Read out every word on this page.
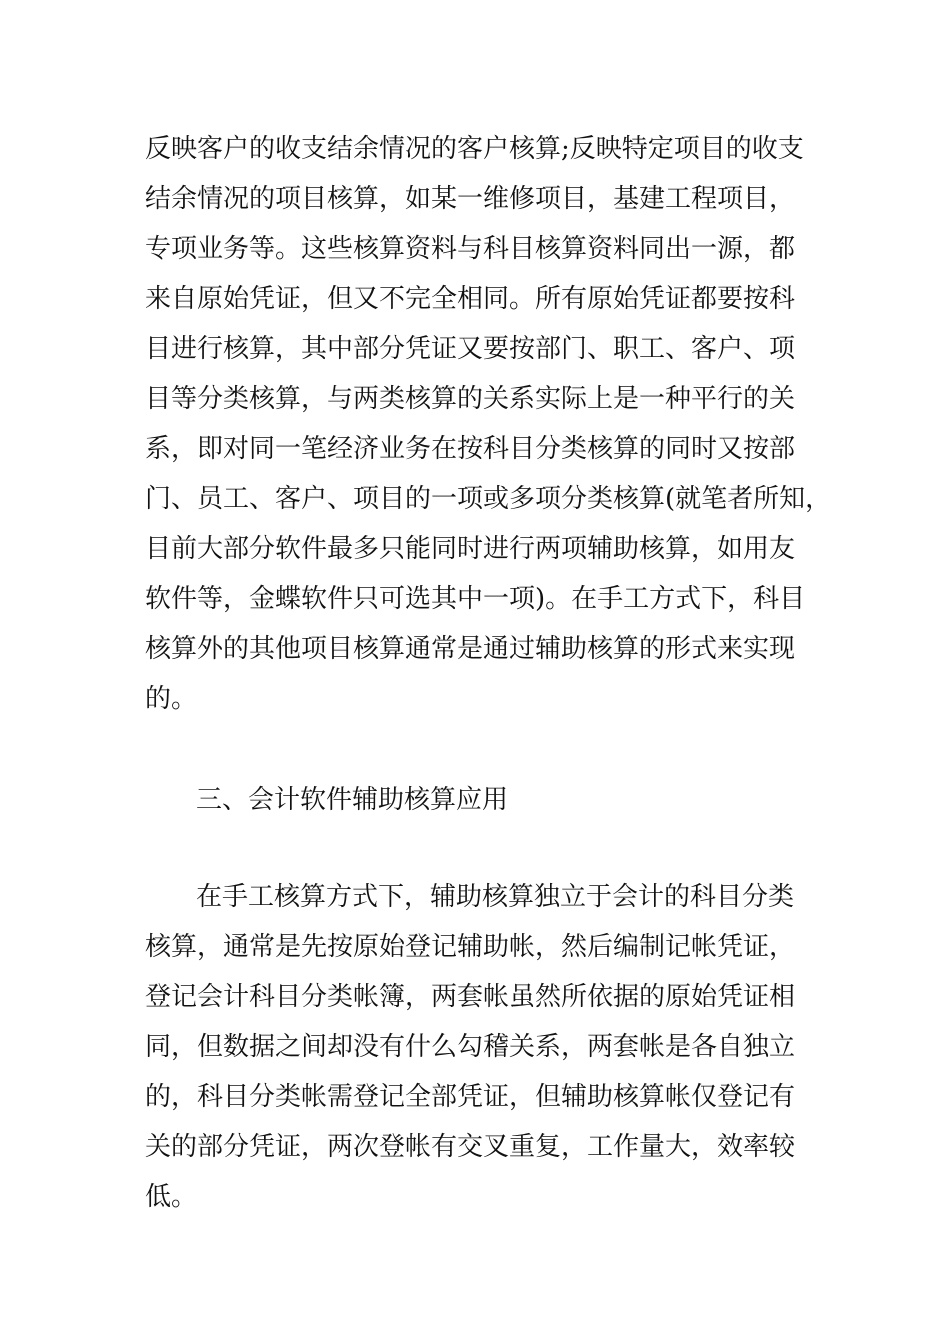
反映客户的收支结余情况的客户核算;反映特定项目的收支
结余情况的项目核算，如某一维修项目，基建工程项目，
专项业务等。这些核算资料与科目核算资料同出一源，都
来自原始凭证，但又不完全相同。所有原始凭证都要按科
目进行核算，其中部分凭证又要按部门、职工、客户、项
目等分类核算，与两类核算的关系实际上是一种平行的关
系，即对同一笔经济业务在按科目分类核算的同时又按部
门、员工、客户、项目的一项或多项分类核算(就笔者所知，
目前大部分软件最多只能同时进行两项辅助核算，如用友
软件等，金蝶软件只可选其中一项)。在手工方式下，科目
核算外的其他项目核算通常是通过辅助核算的形式来实现
的。
三、会计软件辅助核算应用
在手工核算方式下，辅助核算独立于会计的科目分类
核算，通常是先按原始登记辅助帐，然后编制记帐凭证，
登记会计科目分类帐簿，两套帐虽然所依据的原始凭证相
同，但数据之间却没有什么勾稽关系，两套帐是各自独立
的，科目分类帐需登记全部凭证，但辅助核算帐仅登记有
关的部分凭证，两次登帐有交叉重复，工作量大，效率较
低。
